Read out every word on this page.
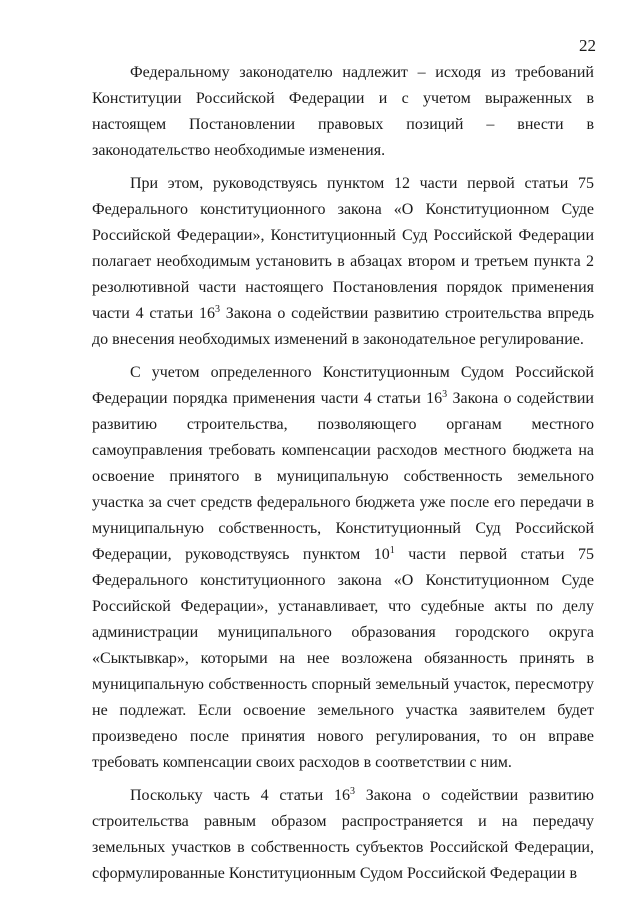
22

Федеральному законодателю надлежит – исходя из требований Конституции Российской Федерации и с учетом выраженных в настоящем Постановлении правовых позиций – внести в законодательство необходимые изменения.

При этом, руководствуясь пунктом 12 части первой статьи 75 Федерального конституционного закона «О Конституционном Суде Российской Федерации», Конституционный Суд Российской Федерации полагает необходимым установить в абзацах втором и третьем пункта 2 резолютивной части настоящего Постановления порядок применения части 4 статьи $16^3$ Закона о содействии развитию строительства впредь до внесения необходимых изменений в законодательное регулирование.

С учетом определенного Конституционным Судом Российской Федерации порядка применения части 4 статьи $16^3$ Закона о содействии развитию строительства, позволяющего органам местного самоуправления требовать компенсации расходов местного бюджета на освоение принятого в муниципальную собственность земельного участка за счет средств федерального бюджета уже после его передачи в муниципальную собственность, Конституционный Суд Российской Федерации, руководствуясь пунктом $10^1$ части первой статьи 75 Федерального конституционного закона «О Конституционном Суде Российской Федерации», устанавливает, что судебные акты по делу администрации муниципального образования городского округа «Сыктывкар», которыми на нее возложена обязанность принять в муниципальную собственность спорный земельный участок, пересмотру не подлежат. Если освоение земельного участка заявителем будет произведено после принятия нового регулирования, то он вправе требовать компенсации своих расходов в соответствии с ним.

Поскольку часть 4 статьи $16^3$ Закона о содействии развитию строительства равным образом распространяется и на передачу земельных участков в собственность субъектов Российской Федерации, сформулированные Конституционным Судом Российской Федерации в
